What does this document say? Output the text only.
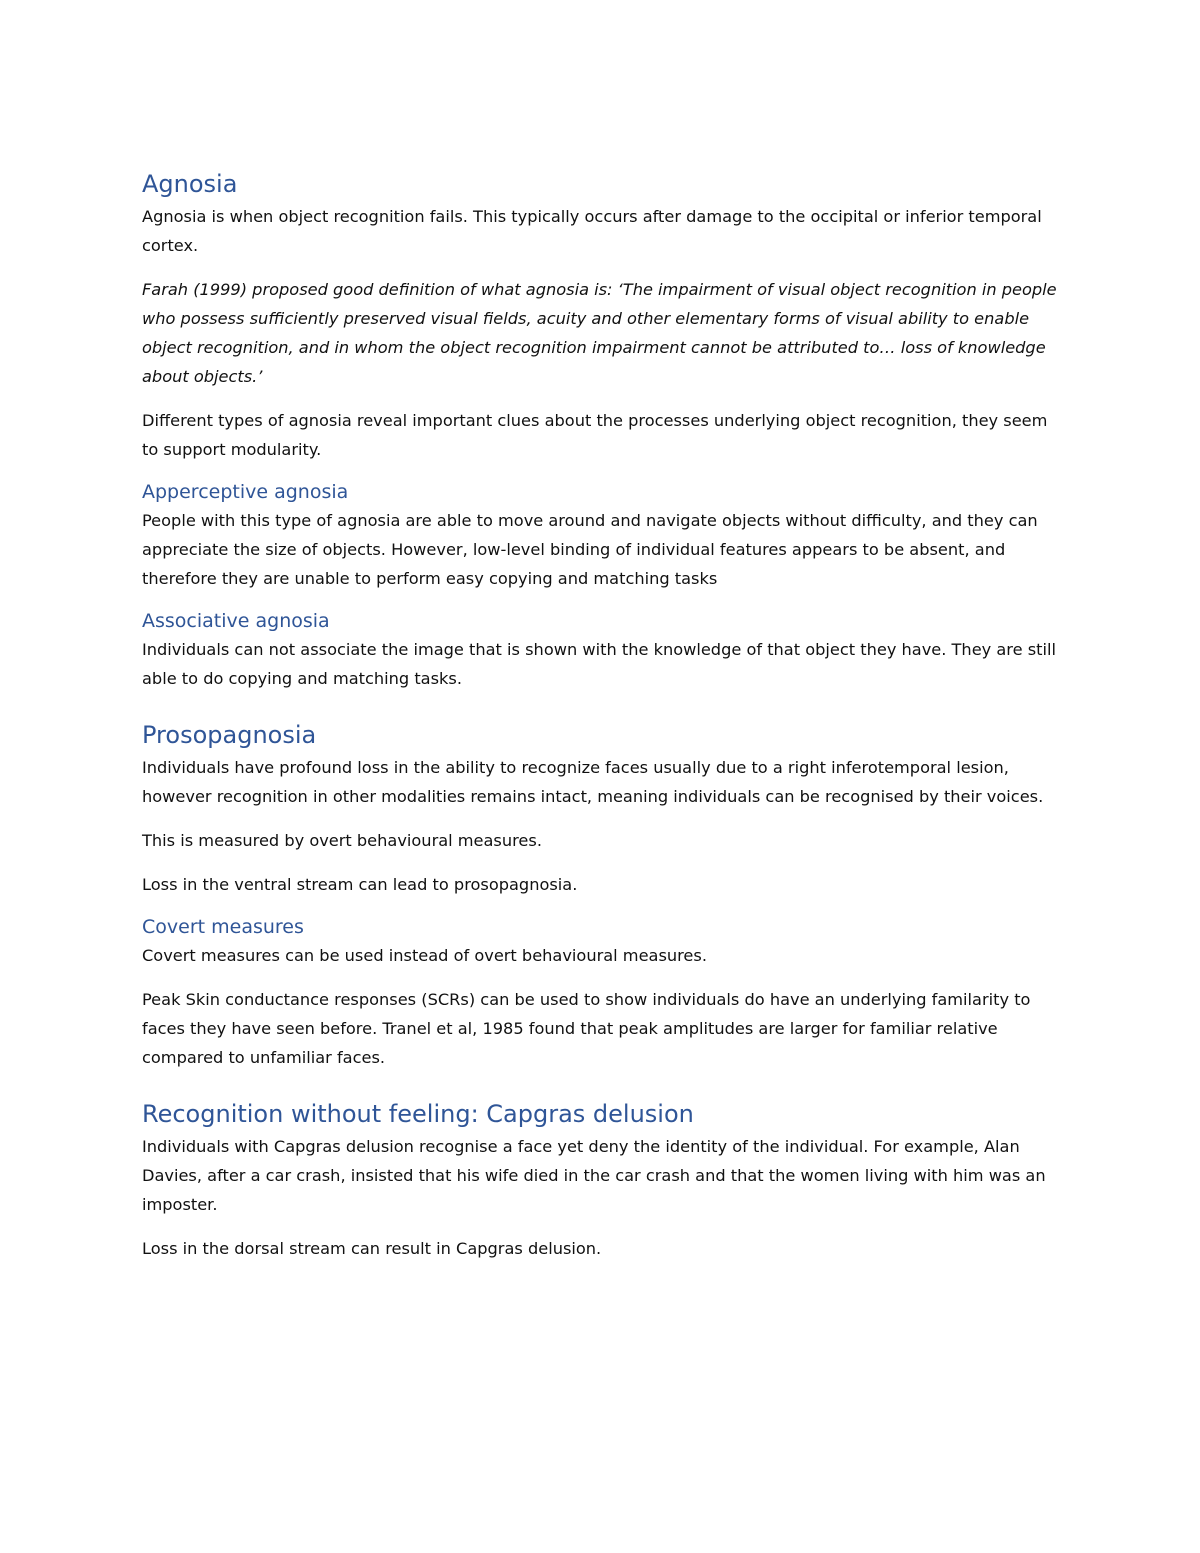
Agnosia

Agnosia is when object recognition fails. This typically occurs after damage to the occipital or inferior temporal cortex.

Farah (1999) proposed good definition of what agnosia is: ‘The impairment of visual object recognition in people who possess sufficiently preserved visual fields, acuity and other elementary forms of visual ability to enable object recognition, and in whom the object recognition impairment cannot be attributed to… loss of knowledge about objects.’

Different types of agnosia reveal important clues about the processes underlying object recognition, they seem to support modularity.

Apperceptive agnosia

People with this type of agnosia are able to move around and navigate objects without difficulty, and they can appreciate the size of objects. However, low-level binding of individual features appears to be absent, and therefore they are unable to perform easy copying and matching tasks

Associative agnosia

Individuals can not associate the image that is shown with the knowledge of that object they have. They are still able to do copying and matching tasks.

Prosopagnosia

Individuals have profound loss in the ability to recognize faces usually due to a right inferotemporal lesion, however recognition in other modalities remains intact, meaning individuals can be recognised by their voices.

This is measured by overt behavioural measures.

Loss in the ventral stream can lead to prosopagnosia.

Covert measures

Covert measures can be used instead of overt behavioural measures.

Peak Skin conductance responses (SCRs) can be used to show individuals do have an underlying familarity to faces they have seen before. Tranel et al, 1985 found that peak amplitudes are larger for familiar relative compared to unfamiliar faces.

Recognition without feeling: Capgras delusion

Individuals with Capgras delusion recognise a face yet deny the identity of the individual. For example, Alan Davies, after a car crash, insisted that his wife died in the car crash and that the women living with him was an imposter.

Loss in the dorsal stream can result in Capgras delusion.
